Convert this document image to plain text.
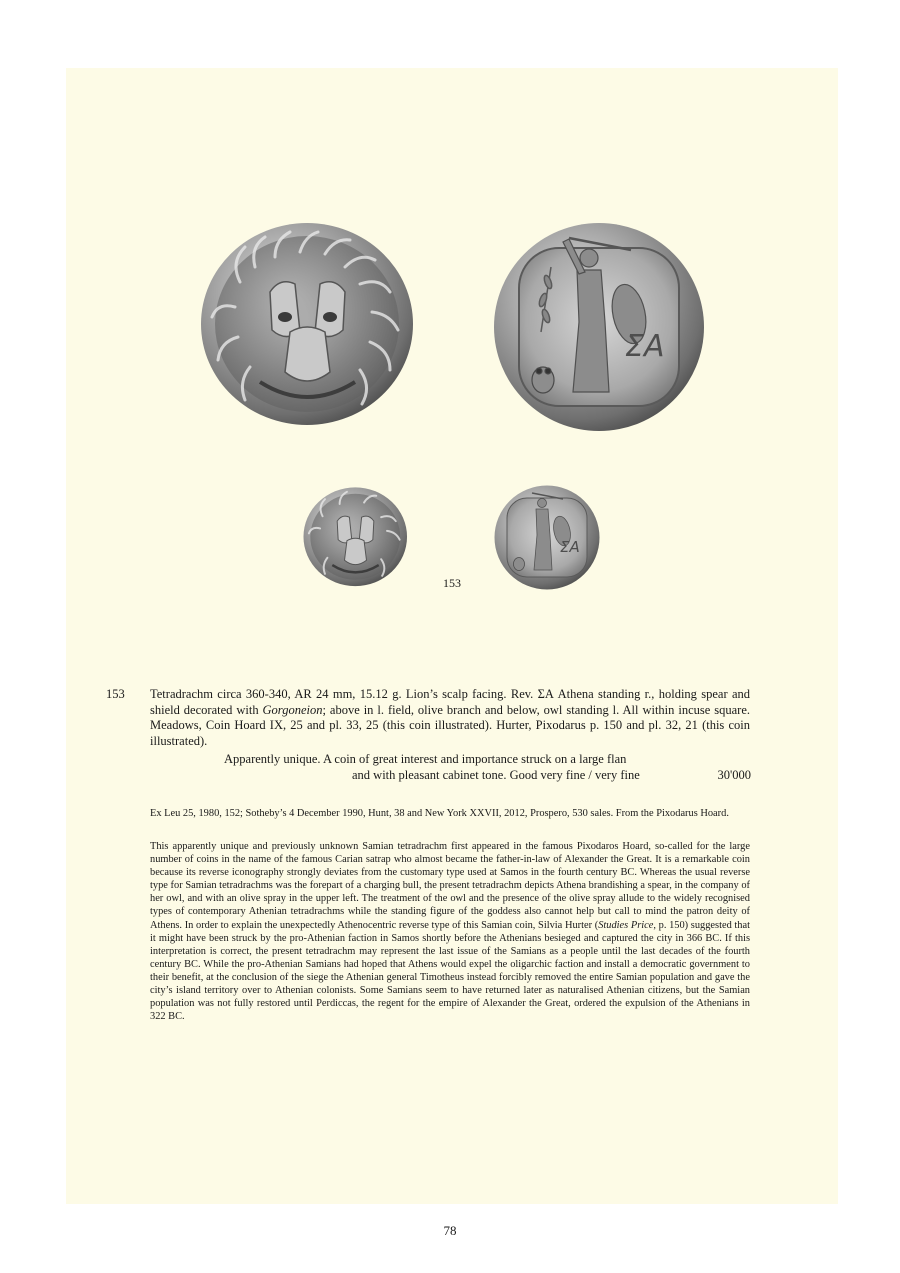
ΣΑ
ΣΑ
153
153 Tetradrachm circa 360-340, AR 24 mm, 15.12 g. Lion’s scalp facing. Rev. ΣΑ Athena standing r., holding spear and shield decorated with Gorgoneion; above in l. field, olive branch and below, owl standing l. All within incuse square. Meadows, Coin Hoard IX, 25 and pl. 33, 25 (this coin illustrated). Hurter, Pixodarus p. 150 and pl. 32, 21 (this coin illustrated).
Apparently unique. A coin of great interest and importance struck on a large flan
and with pleasant cabinet tone. Good very fine / very fine	30'000
Ex Leu 25, 1980, 152; Sotheby’s 4 December 1990, Hunt, 38 and New York XXVII, 2012, Prospero, 530 sales. From the Pixodarus Hoard.
This apparently unique and previously unknown Samian tetradrachm first appeared in the famous Pixodaros Hoard, so-called for the large number of coins in the name of the famous Carian satrap who almost became the father-in-law of Alexander the Great. It is a remarkable coin because its reverse iconography strongly deviates from the customary type used at Samos in the fourth century BC. Whereas the usual reverse type for Samian tetradrachms was the forepart of a charging bull, the present tetradrachm depicts Athena brandishing a spear, in the company of her owl, and with an olive spray in the upper left. The treatment of the owl and the presence of the olive spray allude to the widely recognised types of contemporary Athenian tetradrachms while the standing figure of the goddess also cannot help but call to mind the patron deity of Athens. In order to explain the unexpectedly Athenocentric reverse type of this Samian coin, Silvia Hurter (Studies Price, p. 150) suggested that it might have been struck by the pro-Athenian faction in Samos shortly before the Athenians besieged and captured the city in 366 BC. If this interpretation is correct, the present tetradrachm may represent the last issue of the Samians as a people until the last decades of the fourth century BC. While the pro-Athenian Samians had hoped that Athens would expel the oligarchic faction and install a democratic government to their benefit, at the conclusion of the siege the Athenian general Timotheus instead forcibly removed the entire Samian population and gave the city’s island territory over to Athenian colonists. Some Samians seem to have returned later as naturalised Athenian citizens, but the Samian population was not fully restored until Perdiccas, the regent for the empire of Alexander the Great, ordered the expulsion of the Athenians in 322 BC.
78
